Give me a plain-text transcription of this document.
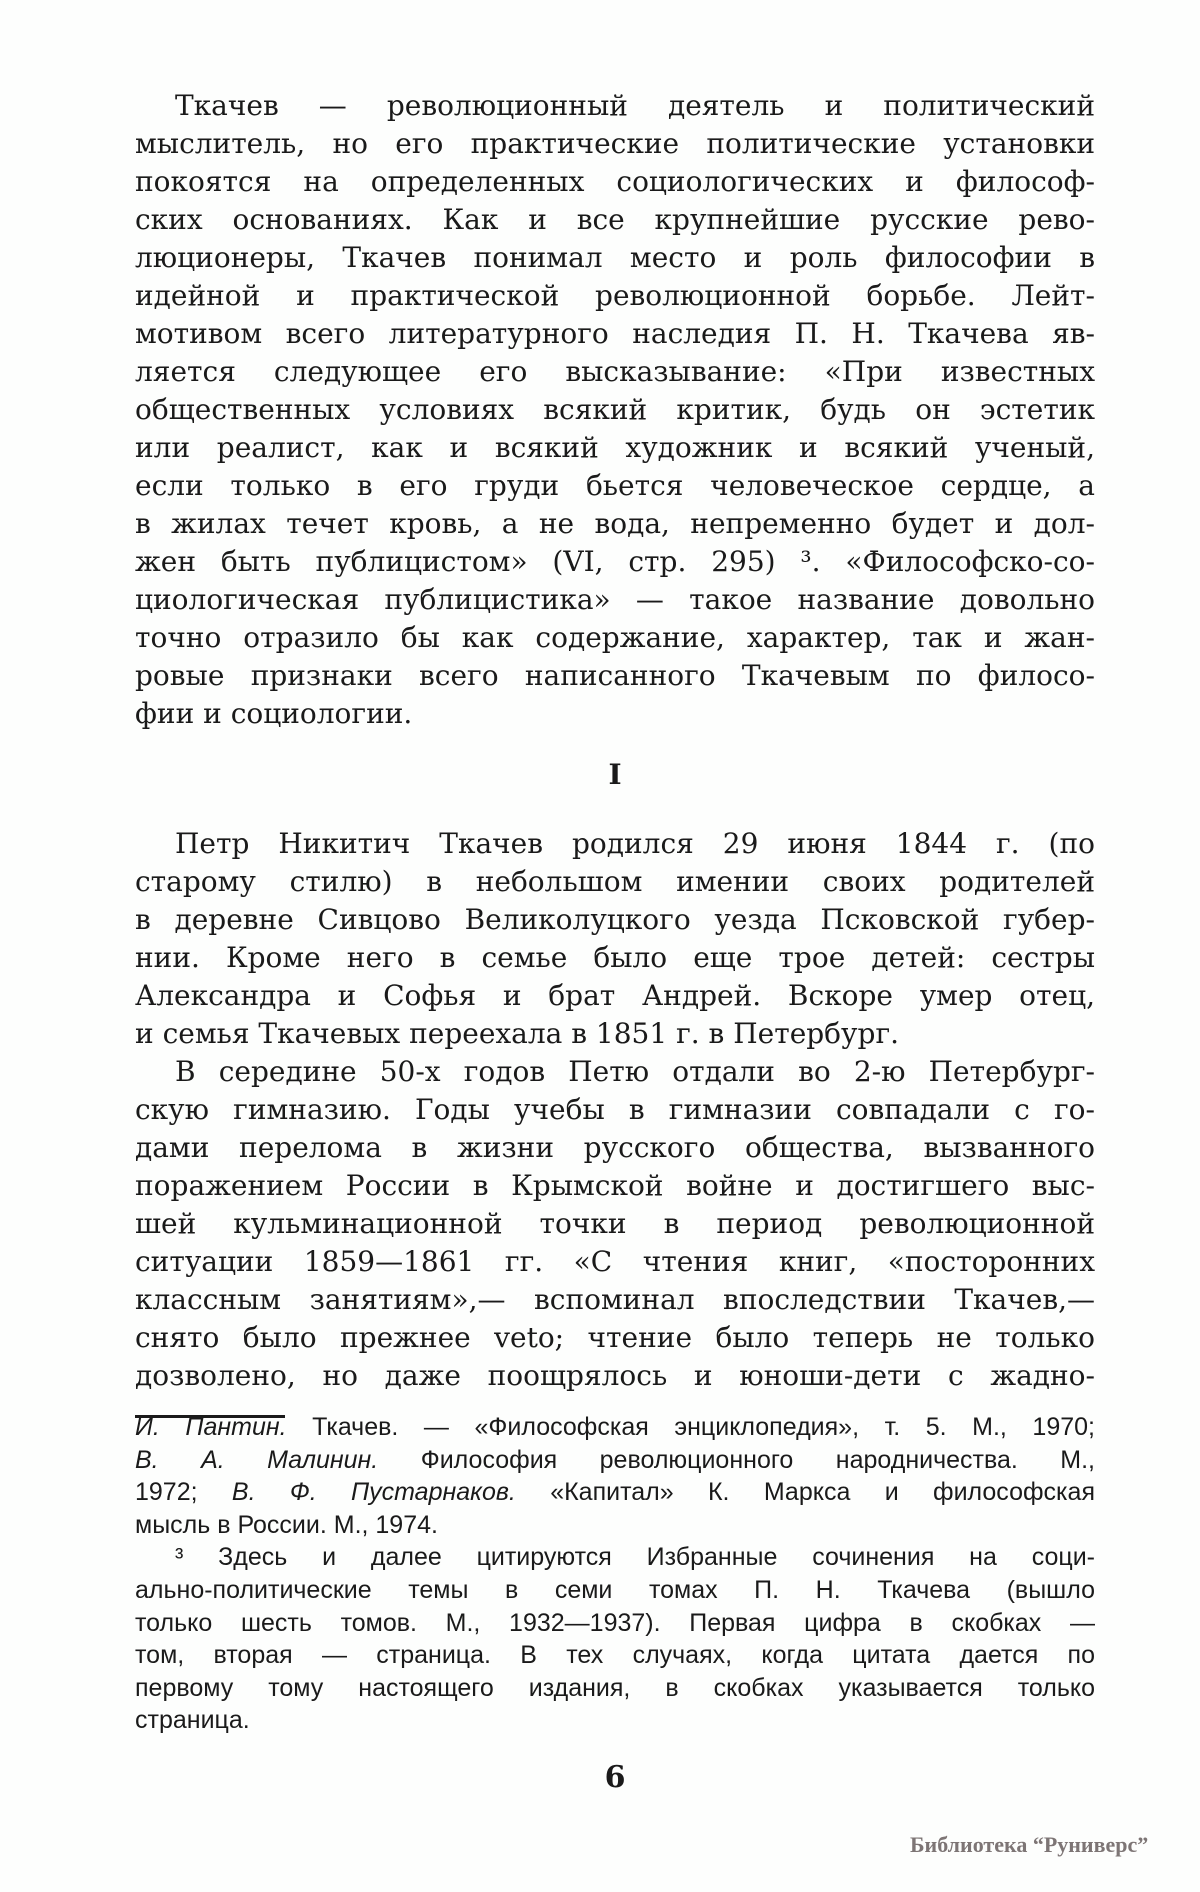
Ткачев — революционный деятель и политический
мыслитель, но его практические политические установки
покоятся на определенных социологических и философ-
ских основаниях. Как и все крупнейшие русские рево-
люционеры, Ткачев понимал место и роль философии в
идейной и практической революционной борьбе. Лейт-
мотивом всего литературного наследия П. Н. Ткачева яв-
ляется следующее его высказывание: «При известных
общественных условиях всякий критик, будь он эстетик
или реалист, как и всякий художник и всякий ученый,
если только в его груди бьется человеческое сердце, а
в жилах течет кровь, а не вода, непременно будет и дол-
жен быть публицистом» (VI, стр. 295) ³. «Философско-со-
циологическая публицистика» — такое название довольно
точно отразило бы как содержание, характер, так и жан-
ровые признаки всего написанного Ткачевым по филосо-
фии и социологии.
I
Петр Никитич Ткачев родился 29 июня 1844 г. (по
старому стилю) в небольшом имении своих родителей
в деревне Сивцово Великолуцкого уезда Псковской губер-
нии. Кроме него в семье было еще трое детей: сестры
Александра и Софья и брат Андрей. Вскоре умер отец,
и семья Ткачевых переехала в 1851 г. в Петербург.
В середине 50-х годов Петю отдали во 2-ю Петербург-
скую гимназию. Годы учебы в гимназии совпадали с го-
дами перелома в жизни русского общества, вызванного
поражением России в Крымской войне и достигшего выс-
шей кульминационной точки в период революционной
ситуации 1859—1861 гг. «С чтения книг, «посторонних
классным занятиям»,— вспоминал впоследствии Ткачев,—
снято было прежнее veto; чтение было теперь не только
дозволено, но даже поощрялось и юноши-дети с жадно-
И. Пантин. Ткачев. — «Философская энциклопедия», т. 5. М., 1970;
В. А. Малинин. Философия революционного народничества. М.,
1972; В. Ф. Пустарнаков. «Капитал» К. Маркса и философская
мысль в России. М., 1974.
³ Здесь и далее цитируются Избранные сочинения на соци-
ально-политические темы в семи томах П. Н. Ткачева (вышло
только шесть томов. М., 1932—1937). Первая цифра в скобках —
том, вторая — страница. В тех случаях, когда цитата дается по
первому тому настоящего издания, в скобках указывается только
страница.
6
Библиотека “Руниверс”
